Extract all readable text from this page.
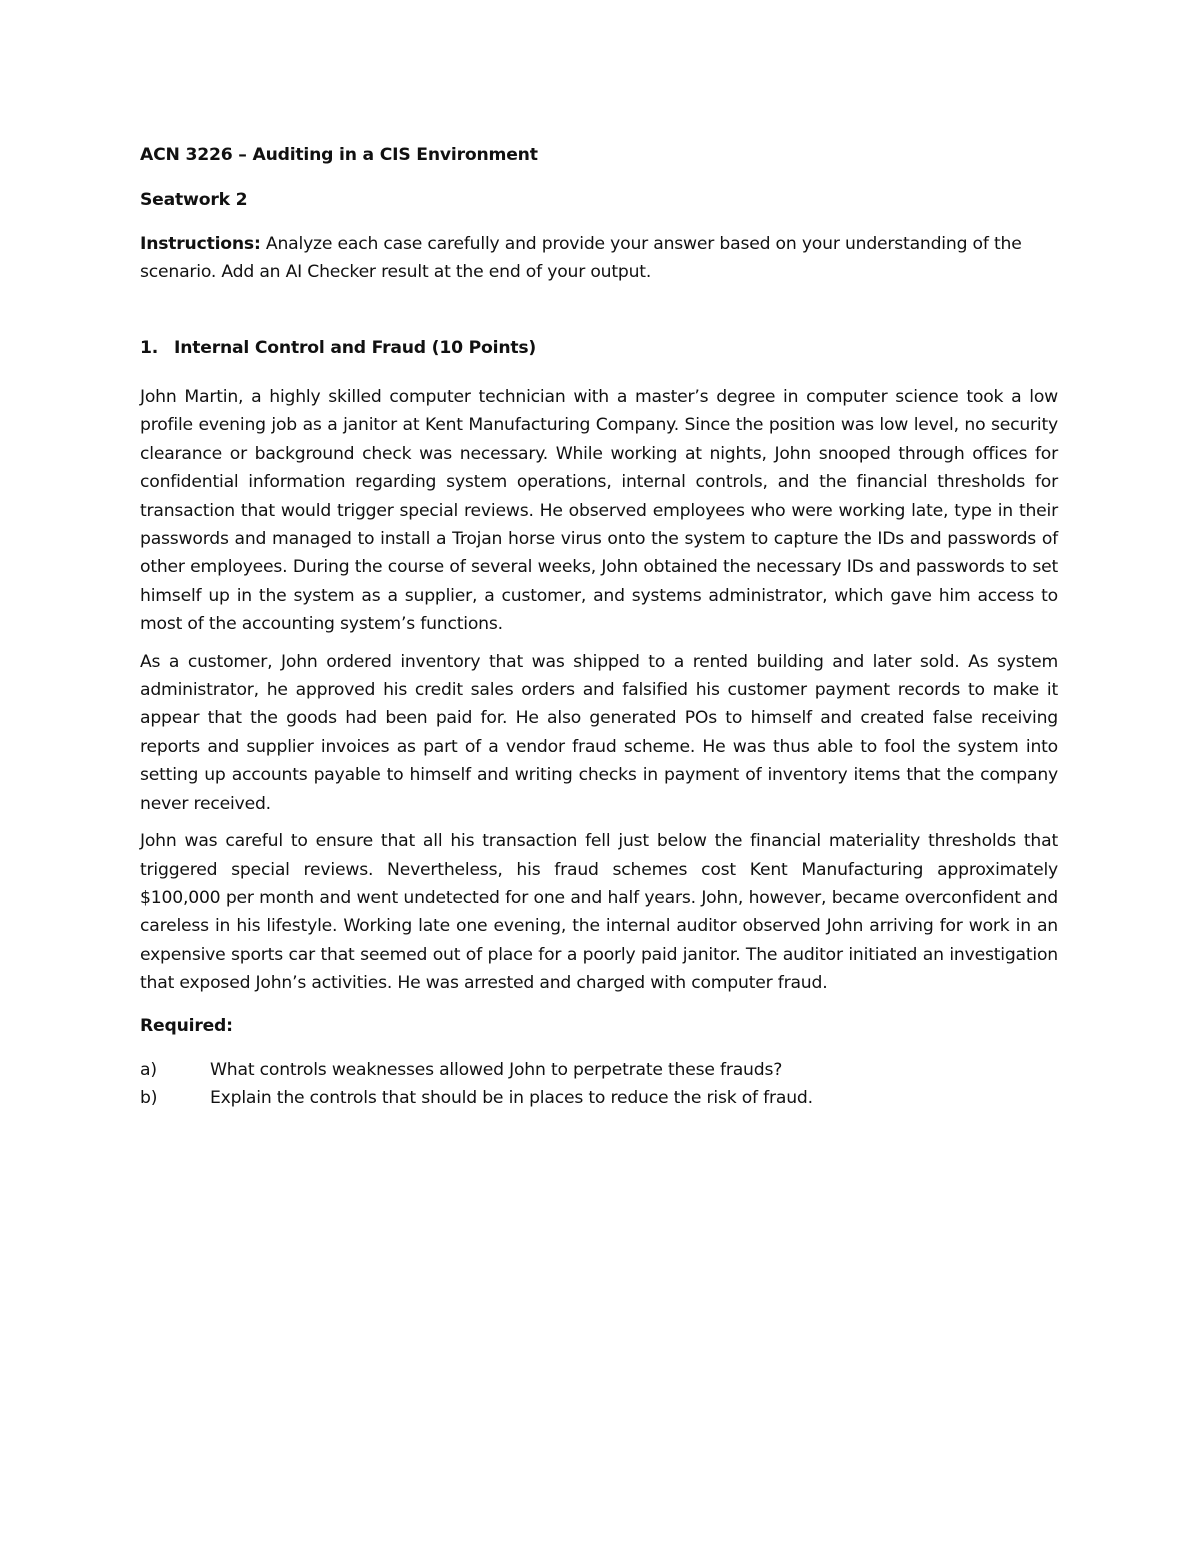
ACN 3226 – Auditing in a CIS Environment

Seatwork 2

Instructions: Analyze each case carefully and provide your answer based on your understanding of the scenario. Add an AI Checker result at the end of your output.

1. Internal Control and Fraud (10 Points)

John Martin, a highly skilled computer technician with a master’s degree in computer science took a low profile evening job as a janitor at Kent Manufacturing Company. Since the position was low level, no security clearance or background check was necessary. While working at nights, John snooped through offices for confidential information regarding system operations, internal controls, and the financial thresholds for transaction that would trigger special reviews. He observed employees who were working late, type in their passwords and managed to install a Trojan horse virus onto the system to capture the IDs and passwords of other employees. During the course of several weeks, John obtained the necessary IDs and passwords to set himself up in the system as a supplier, a customer, and systems administrator, which gave him access to most of the accounting system’s functions.

As a customer, John ordered inventory that was shipped to a rented building and later sold. As system administrator, he approved his credit sales orders and falsified his customer payment records to make it appear that the goods had been paid for. He also generated POs to himself and created false receiving reports and supplier invoices as part of a vendor fraud scheme. He was thus able to fool the system into setting up accounts payable to himself and writing checks in payment of inventory items that the company never received.

John was careful to ensure that all his transaction fell just below the financial materiality thresholds that triggered special reviews. Nevertheless, his fraud schemes cost Kent Manufacturing approximately $100,000 per month and went undetected for one and half years. John, however, became overconfident and careless in his lifestyle. Working late one evening, the internal auditor observed John arriving for work in an expensive sports car that seemed out of place for a poorly paid janitor. The auditor initiated an investigation that exposed John’s activities. He was arrested and charged with computer fraud.

Required:

a)	What controls weaknesses allowed John to perpetrate these frauds?
b)	Explain the controls that should be in places to reduce the risk of fraud.
